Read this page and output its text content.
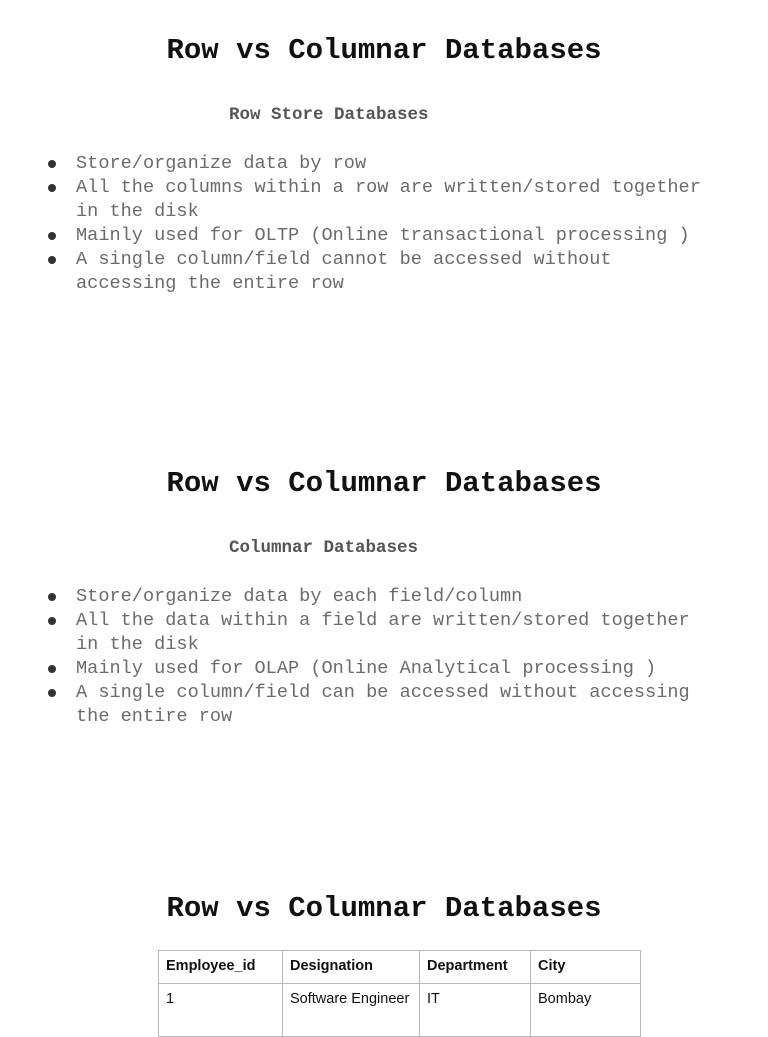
Row vs Columnar Databases
Row Store Databases
Store/organize data by row
All the columns within a row are written/stored together in the disk
Mainly used for OLTP (Online transactional processing )
A single column/field cannot be accessed without accessing the entire row
Row vs Columnar Databases
Columnar Databases
Store/organize data by each field/column
All the data within a field are written/stored together in the disk
Mainly used for OLAP (Online Analytical processing )
A single column/field can be accessed without accessing the entire row
Row vs Columnar Databases
Employee_id	Designation	Department	City
1	Software Engineer	IT	Bombay
